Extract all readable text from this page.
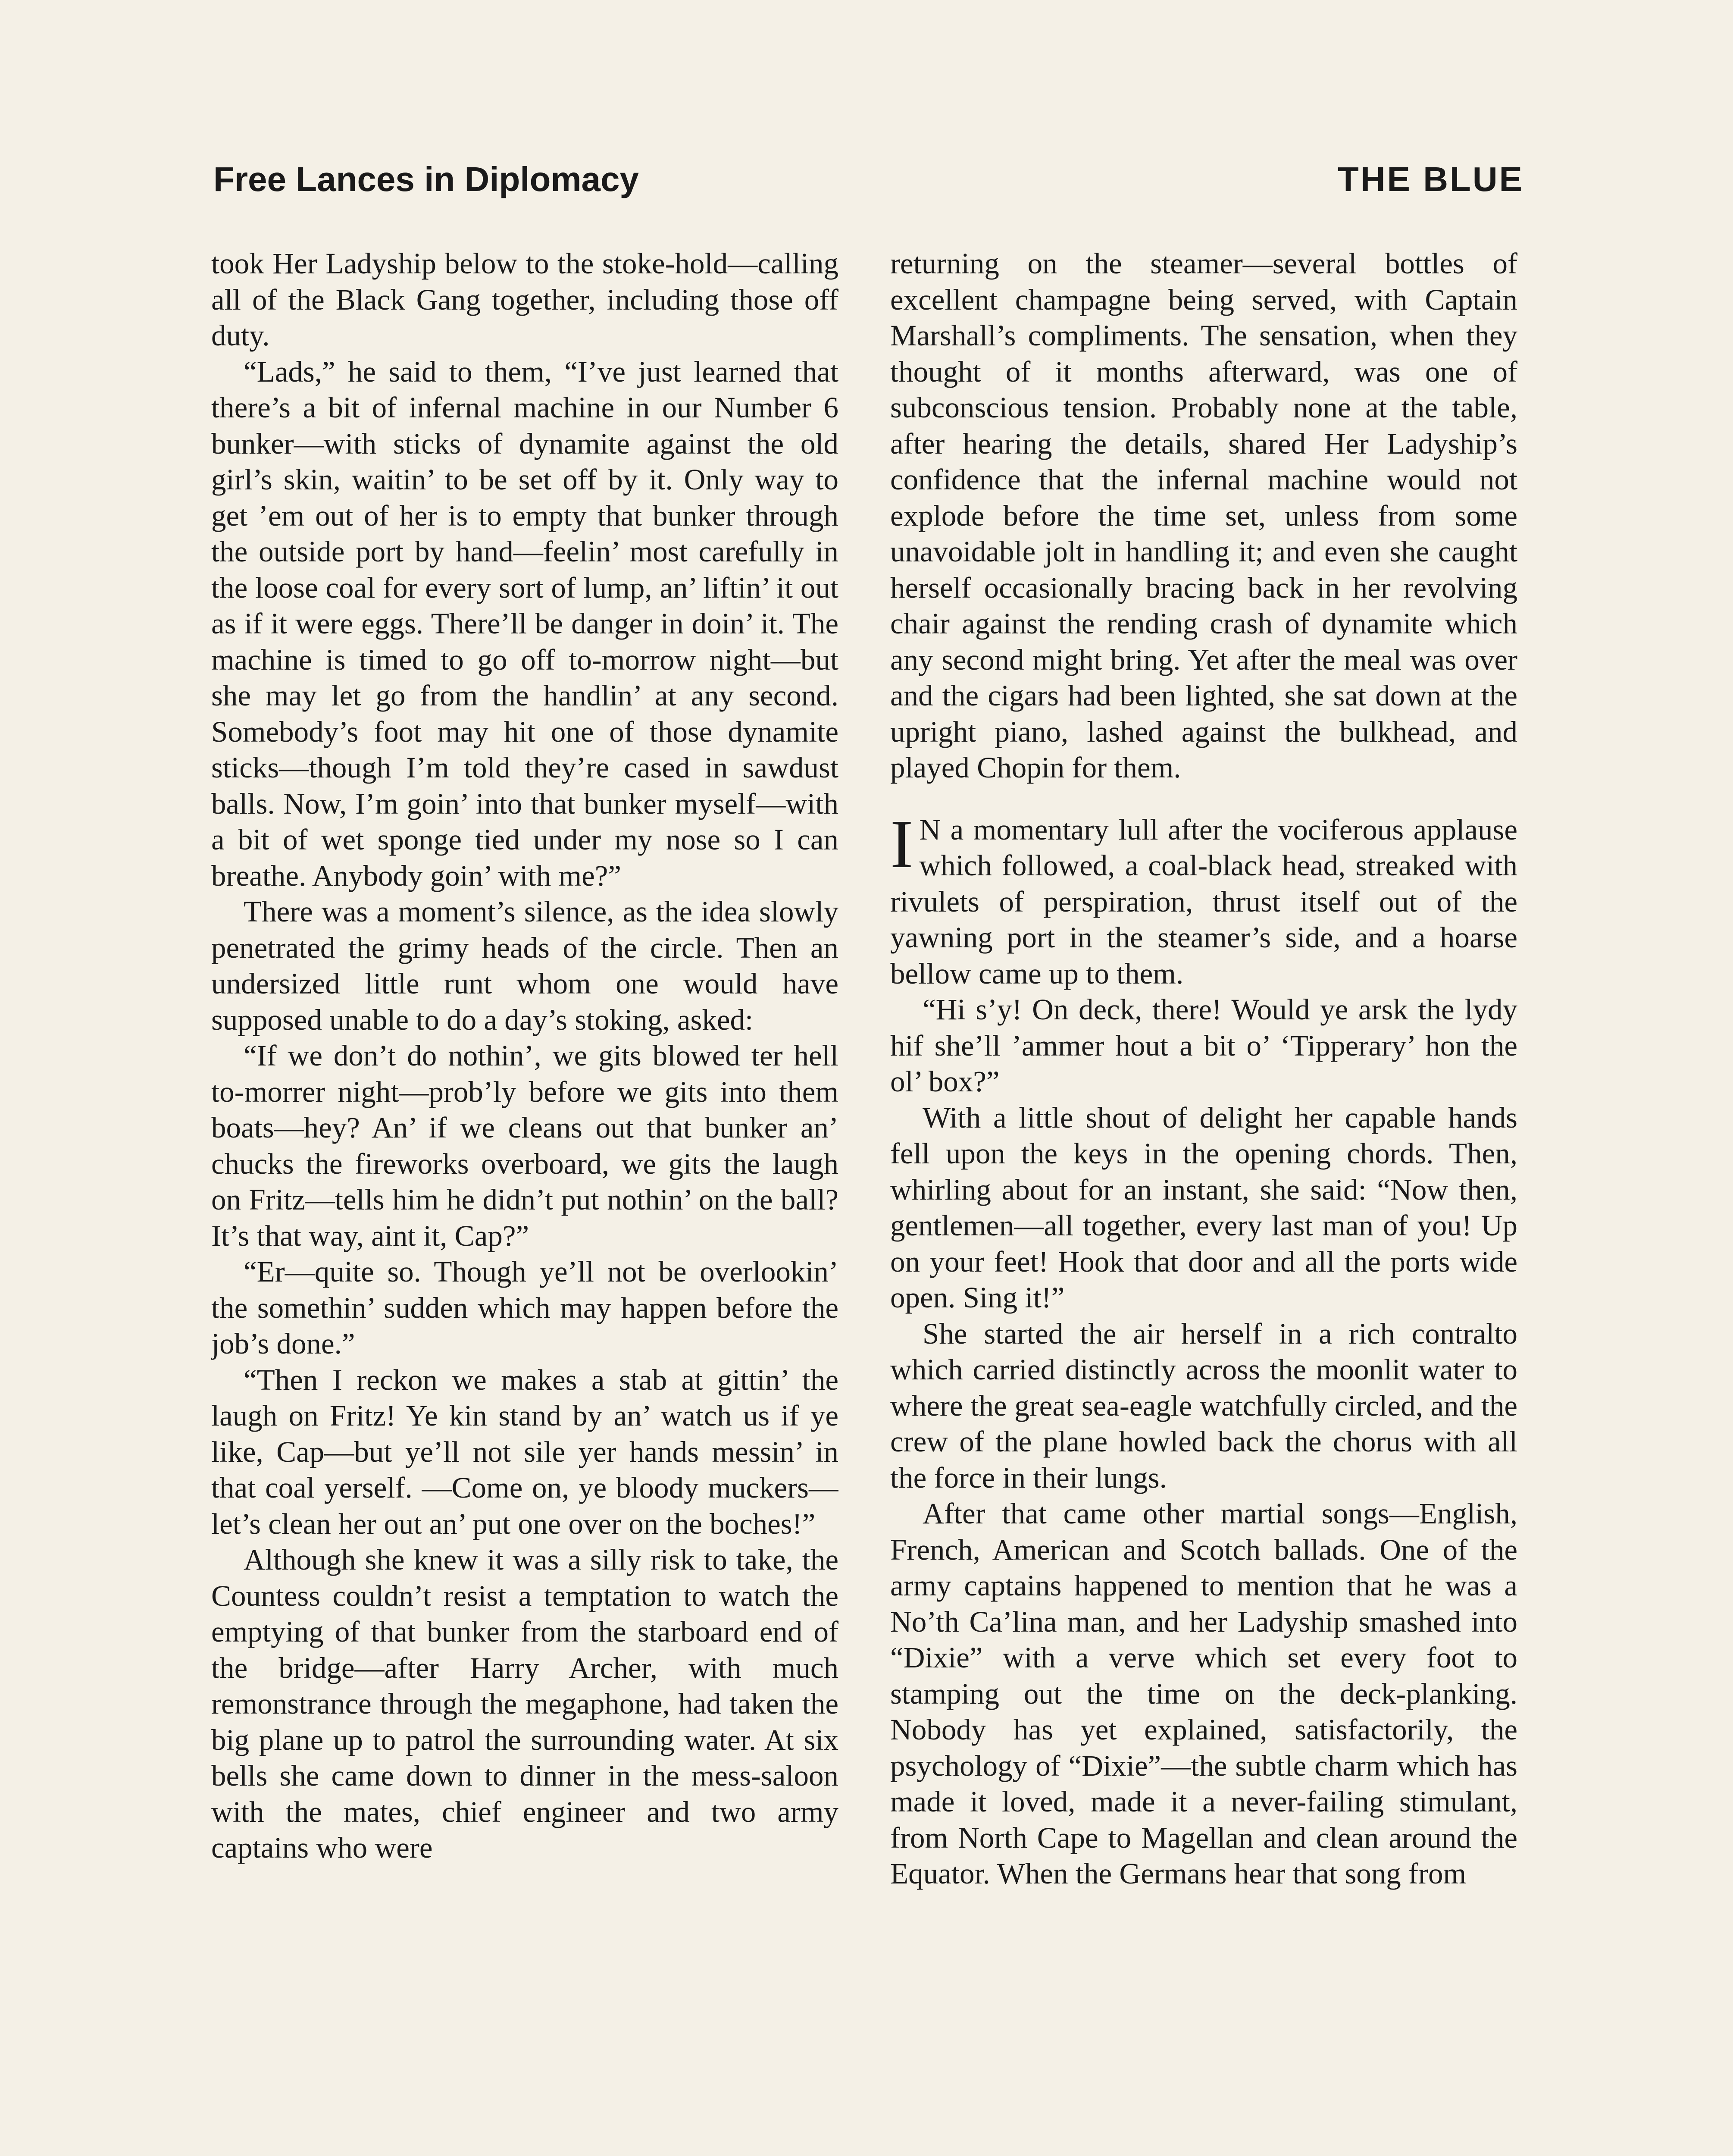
Free Lances in Diplomacy	THE BLUE

took Her Ladyship below to the stoke-hold—calling all of the Black Gang together, including those off duty.

“Lads,” he said to them, “I’ve just learned that there’s a bit of infernal machine in our Number 6 bunker—with sticks of dynamite against the old girl’s skin, waitin’ to be set off by it. Only way to get ’em out of her is to empty that bunker through the outside port by hand—feelin’ most carefully in the loose coal for every sort of lump, an’ liftin’ it out as if it were eggs. There’ll be danger in doin’ it. The machine is timed to go off to-morrow night—but she may let go from the handlin’ at any second. Somebody’s foot may hit one of those dynamite sticks—though I’m told they’re cased in sawdust balls. Now, I’m goin’ into that bunker myself—with a bit of wet sponge tied under my nose so I can breathe. Anybody goin’ with me?”

There was a moment’s silence, as the idea slowly penetrated the grimy heads of the circle. Then an undersized little runt whom one would have supposed unable to do a day’s stoking, asked:

“If we don’t do nothin’, we gits blowed ter hell to-morrer night—prob’ly before we gits into them boats—hey? An’ if we cleans out that bunker an’ chucks the fireworks overboard, we gits the laugh on Fritz—tells him he didn’t put nothin’ on the ball? It’s that way, aint it, Cap?”

“Er—quite so. Though ye’ll not be overlookin’ the somethin’ sudden which may happen before the job’s done.”

“Then I reckon we makes a stab at gittin’ the laugh on Fritz! Ye kin stand by an’ watch us if ye like, Cap—but ye’ll not sile yer hands messin’ in that coal yerself. —Come on, ye bloody muckers—let’s clean her out an’ put one over on the boches!”

Although she knew it was a silly risk to take, the Countess couldn’t resist a temptation to watch the emptying of that bunker from the starboard end of the bridge—after Harry Archer, with much remonstrance through the megaphone, had taken the big plane up to patrol the surrounding water. At six bells she came down to dinner in the mess-saloon with the mates, chief engineer and two army captains who were

returning on the steamer—several bottles of excellent champagne being served, with Captain Marshall’s compliments. The sensation, when they thought of it months afterward, was one of subconscious tension. Probably none at the table, after hearing the details, shared Her Ladyship’s confidence that the infernal machine would not explode before the time set, unless from some unavoidable jolt in handling it; and even she caught herself occasionally bracing back in her revolving chair against the rending crash of dynamite which any second might bring. Yet after the meal was over and the cigars had been lighted, she sat down at the upright piano, lashed against the bulkhead, and played Chopin for them.

I N a momentary lull after the vociferous applause which followed, a coal-black head, streaked with rivulets of perspiration, thrust itself out of the yawning port in the steamer’s side, and a hoarse bellow came up to them.

“Hi s’y! On deck, there! Would ye arsk the lydy hif she’ll ’ammer hout a bit o’ ‘Tipperary’ hon the ol’ box?”

With a little shout of delight her capable hands fell upon the keys in the opening chords. Then, whirling about for an instant, she said: “Now then, gentlemen—all together, every last man of you! Up on your feet! Hook that door and all the ports wide open. Sing it!”

She started the air herself in a rich contralto which carried distinctly across the moonlit water to where the great sea-eagle watchfully circled, and the crew of the plane howled back the chorus with all the force in their lungs.

After that came other martial songs—English, French, American and Scotch ballads. One of the army captains happened to mention that he was a No’th Ca’lina man, and her Ladyship smashed into “Dixie” with a verve which set every foot to stamping out the time on the deck-planking. Nobody has yet explained, satisfactorily, the psychology of “Dixie”—the subtle charm which has made it loved, made it a never-failing stimulant, from North Cape to Magellan and clean around the Equator. When the Germans hear that song from
